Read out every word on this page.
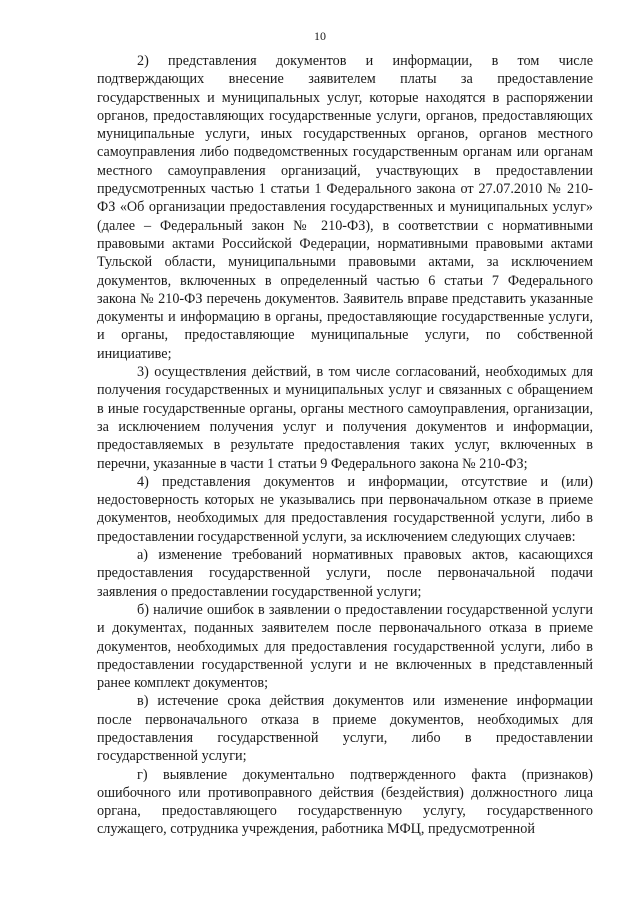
10

2) представления документов и информации, в том числе подтверждающих внесение заявителем платы за предоставление государственных и муниципальных услуг, которые находятся в распоряжении органов, предоставляющих государственные услуги, органов, предоставляющих муниципальные услуги, иных государственных органов, органов местного самоуправления либо подведомственных государственным органам или органам местного самоуправления организаций, участвующих в предоставлении предусмотренных частью 1 статьи 1 Федерального закона от 27.07.2010 № 210-ФЗ «Об организации предоставления государственных и муниципальных услуг» (далее – Федеральный закон № 210-ФЗ), в соответствии с нормативными правовыми актами Российской Федерации, нормативными правовыми актами Тульской области, муниципальными правовыми актами, за исключением документов, включенных в определенный частью 6 статьи 7 Федерального закона № 210-ФЗ перечень документов. Заявитель вправе представить указанные документы и информацию в органы, предоставляющие государственные услуги, и органы, предоставляющие муниципальные услуги, по собственной инициативе;

3) осуществления действий, в том числе согласований, необходимых для получения государственных и муниципальных услуг и связанных с обращением в иные государственные органы, органы местного самоуправления, организации, за исключением получения услуг и получения документов и информации, предоставляемых в результате предоставления таких услуг, включенных в перечни, указанные в части 1 статьи 9 Федерального закона № 210-ФЗ;

4) представления документов и информации, отсутствие и (или) недостоверность которых не указывались при первоначальном отказе в приеме документов, необходимых для предоставления государственной услуги, либо в предоставлении государственной услуги, за исключением следующих случаев:

а) изменение требований нормативных правовых актов, касающихся предоставления государственной услуги, после первоначальной подачи заявления о предоставлении государственной услуги;

б) наличие ошибок в заявлении о предоставлении государственной услуги и документах, поданных заявителем после первоначального отказа в приеме документов, необходимых для предоставления государственной услуги, либо в предоставлении государственной услуги и не включенных в представленный ранее комплект документов;

в) истечение срока действия документов или изменение информации после первоначального отказа в приеме документов, необходимых для предоставления государственной услуги, либо в предоставлении государственной услуги;

г) выявление документально подтвержденного факта (признаков) ошибочного или противоправного действия (бездействия) должностного лица органа, предоставляющего государственную услугу, государственного служащего, сотрудника учреждения, работника МФЦ, предусмотренной
